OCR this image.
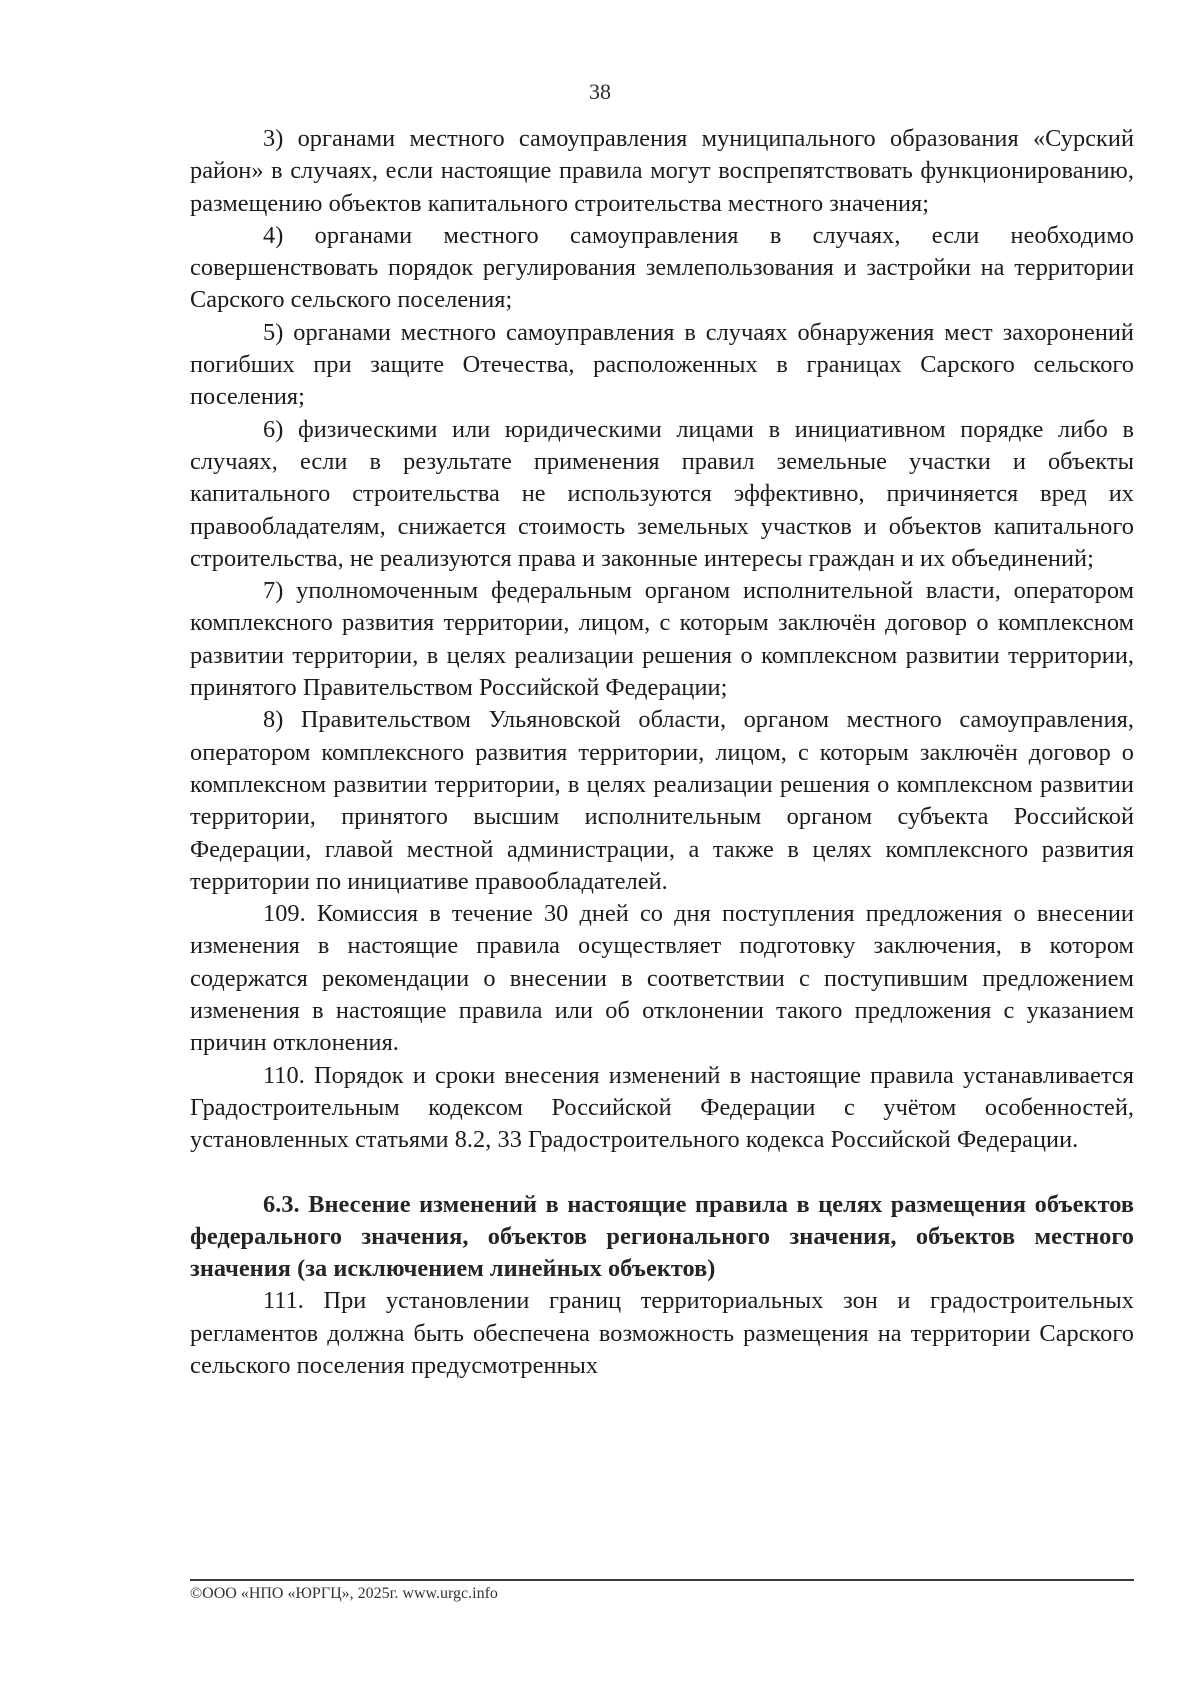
38

3) органами местного самоуправления муниципального образования «Сурский район» в случаях, если настоящие правила могут воспрепятствовать функционированию, размещению объектов капитального строительства местного значения;

4) органами местного самоуправления в случаях, если необходимо совершенствовать порядок регулирования землепользования и застройки на территории Сарского сельского поселения;

5) органами местного самоуправления в случаях обнаружения мест захоронений погибших при защите Отечества, расположенных в границах Сарского сельского поселения;

6) физическими или юридическими лицами в инициативном порядке либо в случаях, если в результате применения правил земельные участки и объекты капитального строительства не используются эффективно, причиняется вред их правообладателям, снижается стоимость земельных участков и объектов капитального строительства, не реализуются права и законные интересы граждан и их объединений;

7) уполномоченным федеральным органом исполнительной власти, оператором комплексного развития территории, лицом, с которым заключён договор о комплексном развитии территории, в целях реализации решения о комплексном развитии территории, принятого Правительством Российской Федерации;

8) Правительством Ульяновской области, органом местного самоуправления, оператором комплексного развития территории, лицом, с которым заключён договор о комплексном развитии территории, в целях реализации решения о комплексном развитии территории, принятого высшим исполнительным органом субъекта Российской Федерации, главой местной администрации, а также в целях комплексного развития территории по инициативе правообладателей.

109. Комиссия в течение 30 дней со дня поступления предложения о внесении изменения в настоящие правила осуществляет подготовку заключения, в котором содержатся рекомендации о внесении в соответствии с поступившим предложением изменения в настоящие правила или об отклонении такого предложения с указанием причин отклонения.

110. Порядок и сроки внесения изменений в настоящие правила устанавливается Градостроительным кодексом Российской Федерации с учётом особенностей, установленных статьями 8.2, 33 Градостроительного кодекса Российской Федерации.

6.3. Внесение изменений в настоящие правила в целях размещения объектов федерального значения, объектов регионального значения, объектов местного значения (за исключением линейных объектов)

111. При установлении границ территориальных зон и градостроительных регламентов должна быть обеспечена возможность размещения на территории Сарского сельского поселения предусмотренных

©ООО «НПО «ЮРГЦ», 2025г. www.urgc.info
